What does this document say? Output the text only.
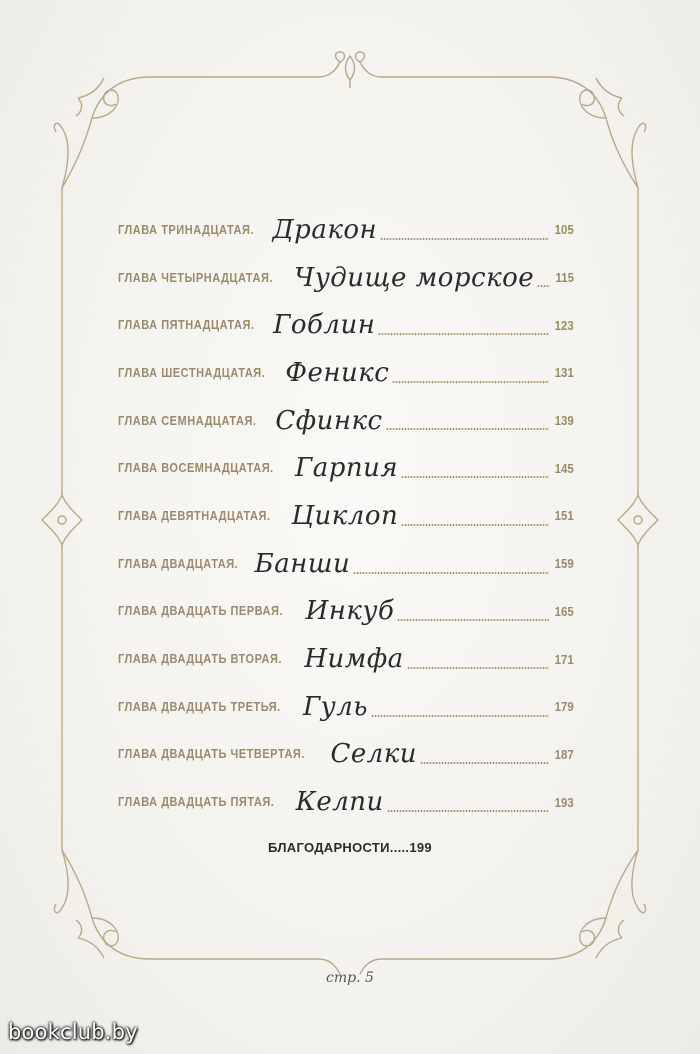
ГЛАВА ТРИНАДЦАТАЯ. Дракон	105
ГЛАВА ЧЕТЫРНАДЦАТАЯ. Чудище морское 115
ГЛАВА ПЯТНАДЦАТАЯ. Гоблин	123
ГЛАВА ШЕСТНАДЦАТАЯ. Феникс	131
ГЛАВА СЕМНАДЦАТАЯ. Сфинкс	139
ГЛАВА ВОСЕМНАДЦАТАЯ. Гарпия	145
ГЛАВА ДЕВЯТНАДЦАТАЯ. Циклоп	151
ГЛАВА ДВАДЦАТАЯ. Банши	159
ГЛАВА ДВАДЦАТЬ ПЕРВАЯ. Инкуб	165
ГЛАВА ДВАДЦАТЬ ВТОРАЯ. Нимфа	171
ГЛАВА ДВАДЦАТЬ ТРЕТЬЯ. Гуль	179
ГЛАВА ДВАДЦАТЬ ЧЕТВЕРТАЯ. Селки	187
ГЛАВА ДВАДЦАТЬ ПЯТАЯ. Келпи	193
БЛАГОДАРНОСТИ.....199
стр. 5
bookclub.by
